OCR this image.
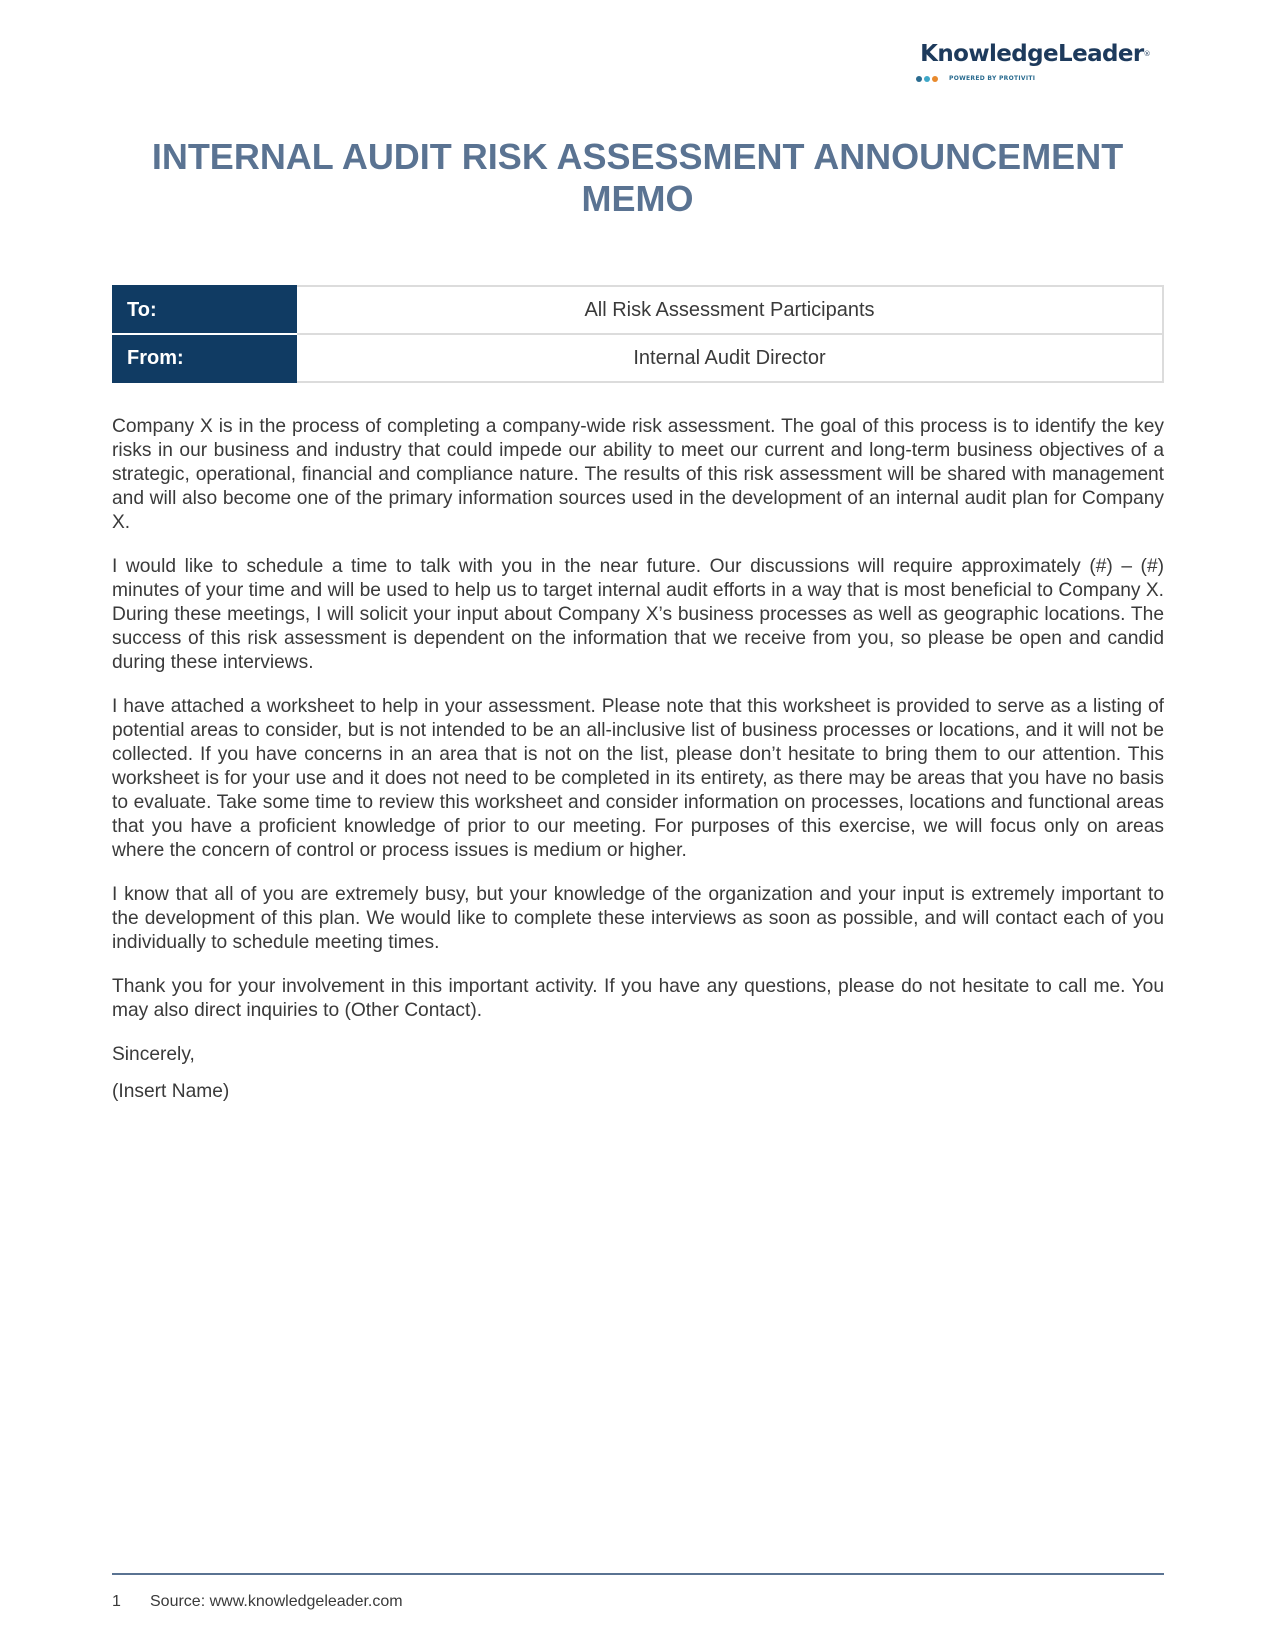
KnowledgeLeader®
POWERED BY PROTIVITI
INTERNAL AUDIT RISK ASSESSMENT ANNOUNCEMENT MEMO
To:	All Risk Assessment Participants
From:	Internal Audit Director

Company X is in the process of completing a company-wide risk assessment. The goal of this process is to identify the key risks in our business and industry that could impede our ability to meet our current and long-term business objectives of a strategic, operational, financial and compliance nature. The results of this risk assessment will be shared with management and will also become one of the primary information sources used in the development of an internal audit plan for Company X.

I would like to schedule a time to talk with you in the near future. Our discussions will require approximately (#) – (#) minutes of your time and will be used to help us to target internal audit efforts in a way that is most beneficial to Company X. During these meetings, I will solicit your input about Company X’s business processes as well as geographic locations. The success of this risk assessment is dependent on the information that we receive from you, so please be open and candid during these interviews.

I have attached a worksheet to help in your assessment. Please note that this worksheet is provided to serve as a listing of potential areas to consider, but is not intended to be an all-inclusive list of business processes or locations, and it will not be collected. If you have concerns in an area that is not on the list, please don’t hesitate to bring them to our attention. This worksheet is for your use and it does not need to be completed in its entirety, as there may be areas that you have no basis to evaluate. Take some time to review this worksheet and consider information on processes, locations and functional areas that you have a proficient knowledge of prior to our meeting. For purposes of this exercise, we will focus only on areas where the concern of control or process issues is medium or higher.

I know that all of you are extremely busy, but your knowledge of the organization and your input is extremely important to the development of this plan. We would like to complete these interviews as soon as possible, and will contact each of you individually to schedule meeting times.

Thank you for your involvement in this important activity. If you have any questions, please do not hesitate to call me. You may also direct inquiries to (Other Contact).

Sincerely,

(Insert Name)

1 Source: www.knowledgeleader.com
